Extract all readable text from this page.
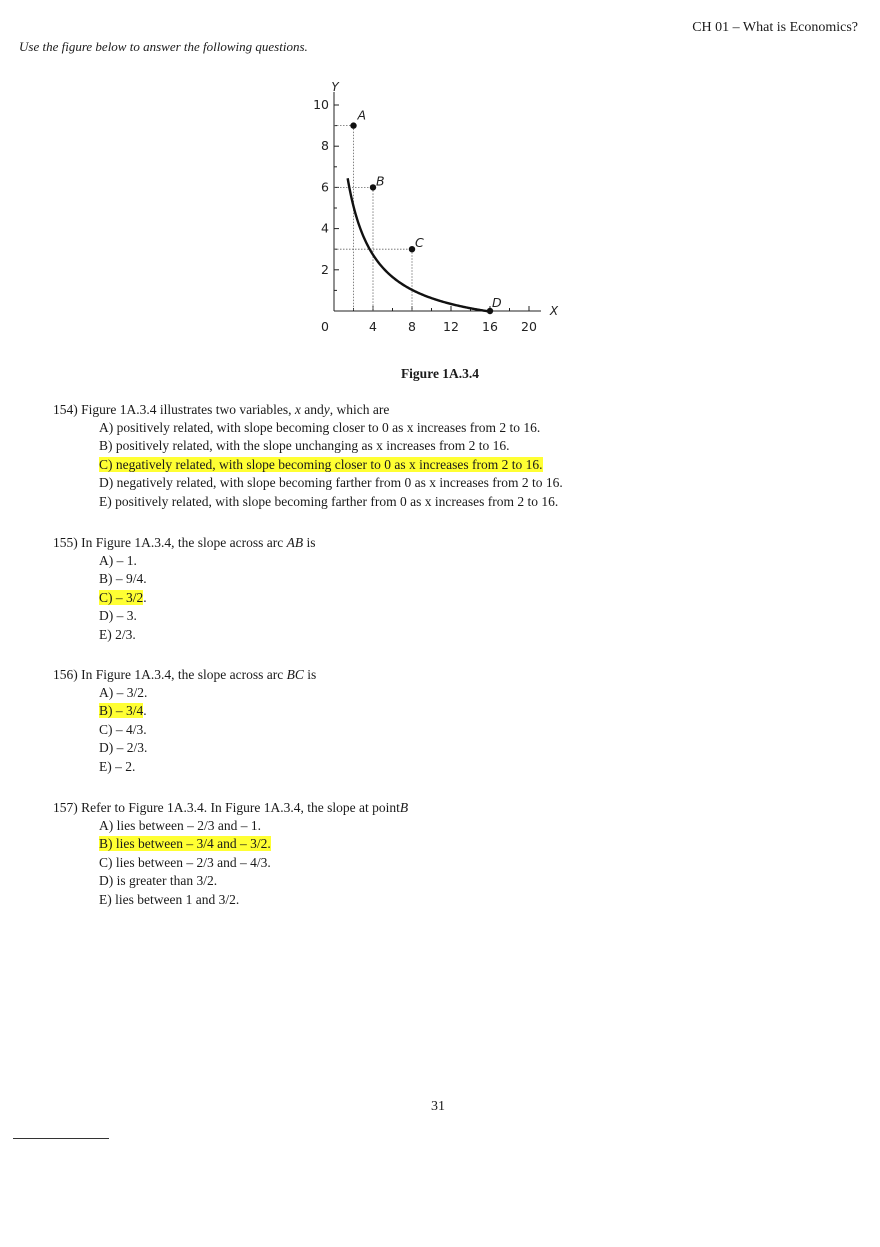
CH 01 – What is Economics?
Use the figure below to answer the following questions.
0	4 8 12 16 20
2
4
6
8
10
Y
X
A
B
C
D
Figure 1A.3.4
154) Figure 1A.3.4 illustrates two variables, x andy, which are
A) positively related, with slope becoming closer to 0 as x increases from 2 to 16.
B) positively related, with the slope unchanging as x increases from 2 to 16.
C) negatively related, with slope becoming closer to 0 as x increases from 2 to 16.
D) negatively related, with slope becoming farther from 0 as x increases from 2 to 16.
E) positively related, with slope becoming farther from 0 as x increases from 2 to 16.
155) In Figure 1A.3.4, the slope across arc AB is
A) – 1.
B) – 9/4.
C) – 3/2.
D) – 3.
E) 2/3.
156) In Figure 1A.3.4, the slope across arc BC is
A) – 3/2.
B) – 3/4.
C) – 4/3.
D) – 2/3.
E) – 2.
157) Refer to Figure 1A.3.4. In Figure 1A.3.4, the slope at pointB
A) lies between – 2/3 and – 1.
B) lies between – 3/4 and – 3/2.
C) lies between – 2/3 and – 4/3.
D) is greater than 3/2.
E) lies between 1 and 3/2.
31
